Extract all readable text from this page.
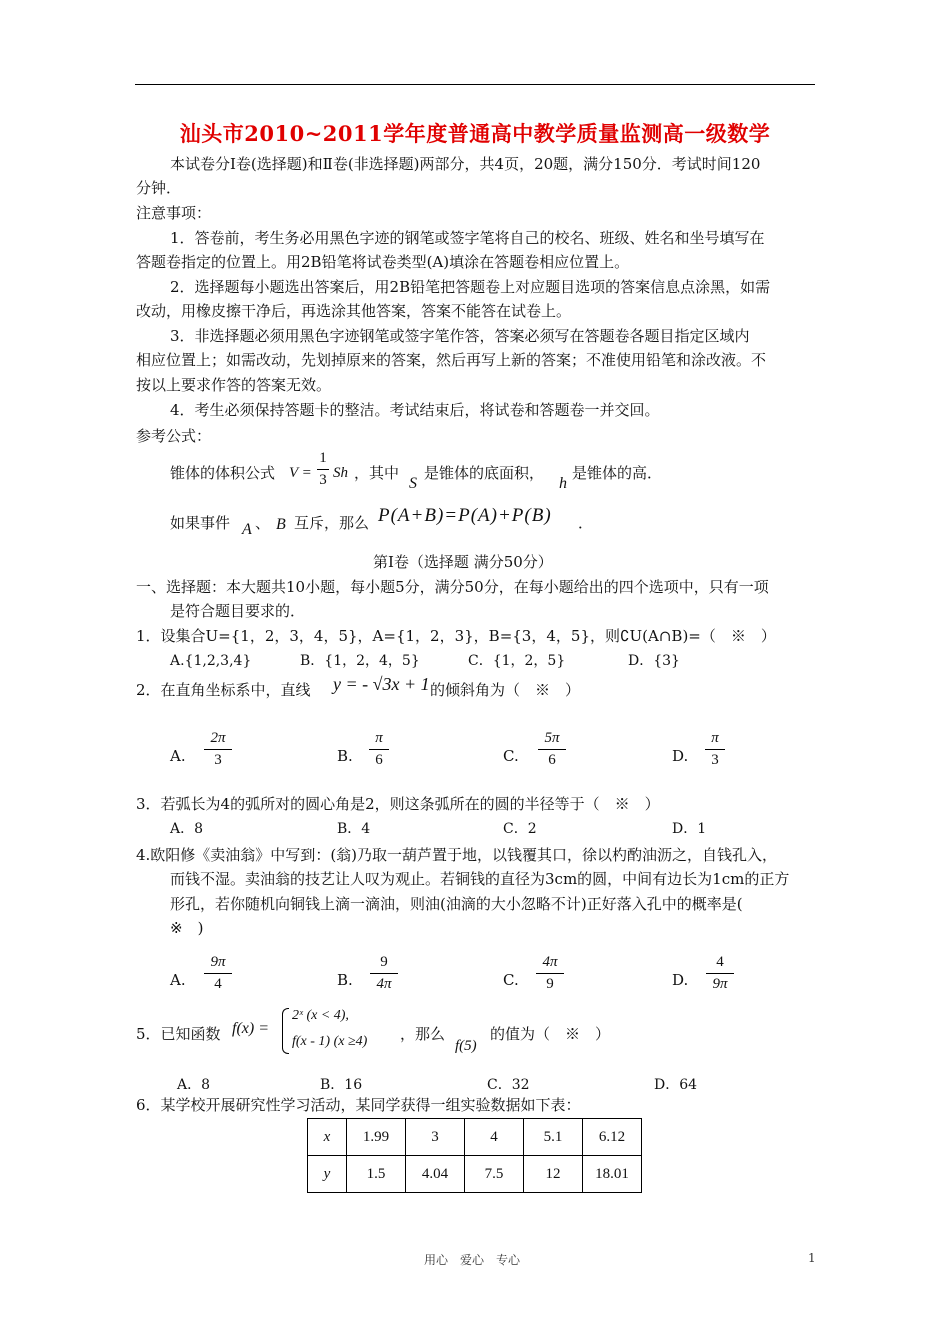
汕头市2010~2011学年度普通高中教学质量监测高一级数学
本试卷分Ⅰ卷(选择题)和Ⅱ卷(非选择题)两部分，共4页，20题，满分150分．考试时间120
分钟．
注意事项：
1．答卷前，考生务必用黑色字迹的钢笔或签字笔将自己的校名、班级、姓名和坐号填写在
答题卷指定的位置上。用2B铅笔将试卷类型(A)填涂在答题卷相应位置上。
2．选择题每小题选出答案后，用2B铅笔把答题卷上对应题目选项的答案信息点涂黑，如需
改动，用橡皮擦干净后，再选涂其他答案，答案不能答在试卷上。
3．非选择题必须用黑色字迹钢笔或签字笔作答，答案必须写在答题卷各题目指定区域内
相应位置上；如需改动，先划掉原来的答案，然后再写上新的答案；不准使用铅笔和涂改液。不
按以上要求作答的答案无效。
4．考生必须保持答题卡的整洁。考试结束后，将试卷和答题卷一并交回。
参考公式：
锥体的体积公式 V =
1
3 Sh ，其中
S
是锥体的底面积，
h
是锥体的高．
如果事件 A 、 B 互斥，那么 P(A+B)=P(A)+P(B) ．
第Ⅰ卷（选择题 满分50分）
一、选择题：本大题共10小题，每小题5分，满分50分，在每小题给出的四个选项中，只有一项
是符合题目要求的．
1．设集合U={1，2，3，4，5}，A={1，2，3}，B={3，4，5}，则∁U(A∩B)=（　※　）
A.{1,2,3,4}	B．{1，2，4，5}	C．{1，2，5}	D．{3}
2．在直角坐标系中，直线 y = - √3x + 1 的倾斜角为（　※　）
A.
2π
3	B.
π
6	C.
5π
6	D.
π
3
3．若弧长为4的弧所对的圆心角是2，则这条弧所在的圆的半径等于（　※　）
A．8	B．4	C．2	D．1
4.欧阳修《卖油翁》中写到：(翁)乃取一葫芦置于地，以钱覆其口，徐以杓酌油沥之，自钱孔入，
而钱不湿。卖油翁的技艺让人叹为观止。若铜钱的直径为3cm的圆，中间有边长为1cm的正方
形孔，若你随机向铜钱上滴一滴油，则油(油滴的大小忽略不计)正好落入孔中的概率是(
※　)
A.
9π
4	B.
9
4π	C.
4π
9	D.
4
9π
5．已知函数 f(x) =
2ˣ (x < 4),
f(x - 1) (x ≥4) ，那么
f(5)
的值为（　※　）
A．8	B．16	C．32	D．64
6．某学校开展研究性学习活动，某同学获得一组实验数据如下表：
x	1.99	3	4	5.1	6.12
y	1.5	4.04	7.5	12	18.01
用心　爱心　专心	1
